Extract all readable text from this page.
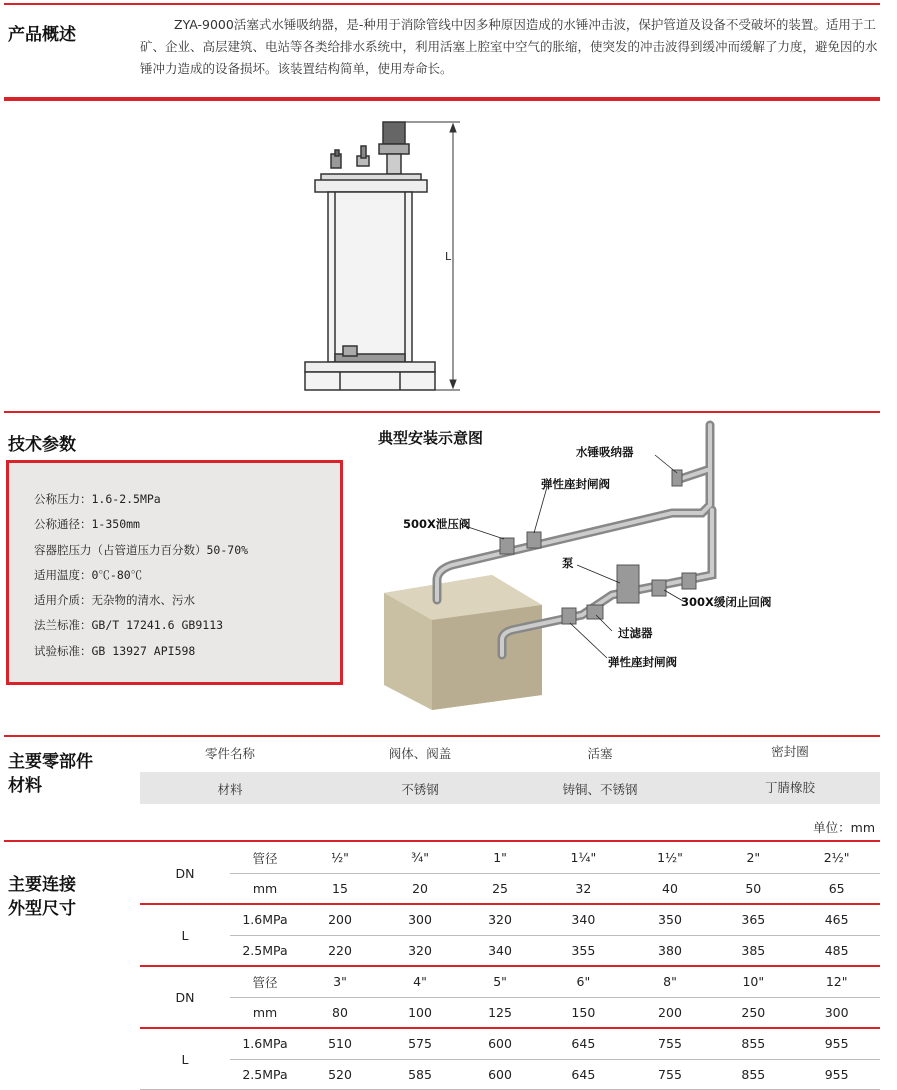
产品概述
ZYA-9000活塞式水锤吸纳器，是-种用于消除管线中因多种原因造成的水锤冲击波，保护管道及设备不受破坏的装置。适用于工矿、企业、高层建筑、电站等各类给排水系统中，利用活塞上腔室中空气的胀缩，使突发的冲击波得到缓冲而缓解了力度，避免因的水锤冲力造成的设备损坏。该装置结构简单，使用寿命长。
L
技术参数
公称压力：1.6-2.5MPa
公称通径：1-350mm
容器腔压力（占管道压力百分数）50-70%
适用温度：0℃-80℃
适用介质：无杂物的清水、污水
法兰标准：GB/T 17241.6 GB9113
试验标准：GB 13927 API598
典型安装示意图
水锤吸纳器
弹性座封闸阀
500X泄压阀
泵
300X缓闭止回阀
过滤器
弹性座封闸阀
主要零部件
材料
零件名称	阀体、阀盖	活塞	密封圈
材料	不锈钢	铸铜、不锈钢	丁腈橡胶
单位：mm
主要连接
外型尺寸
DN	管径	½"	¾"	1"	1¼"	1½"	2"	2½"
	mm	15	20	25	32	40	50	65
L	1.6MPa	200	300	320	340	350	365	465
	2.5MPa	220	320	340	355	380	385	485
DN	管径	3"	4"	5"	6"	8"	10"	12"
	mm	80	100	125	150	200	250	300
L	1.6MPa	510	575	600	645	755	855	955
	2.5MPa	520	585	600	645	755	855	955
